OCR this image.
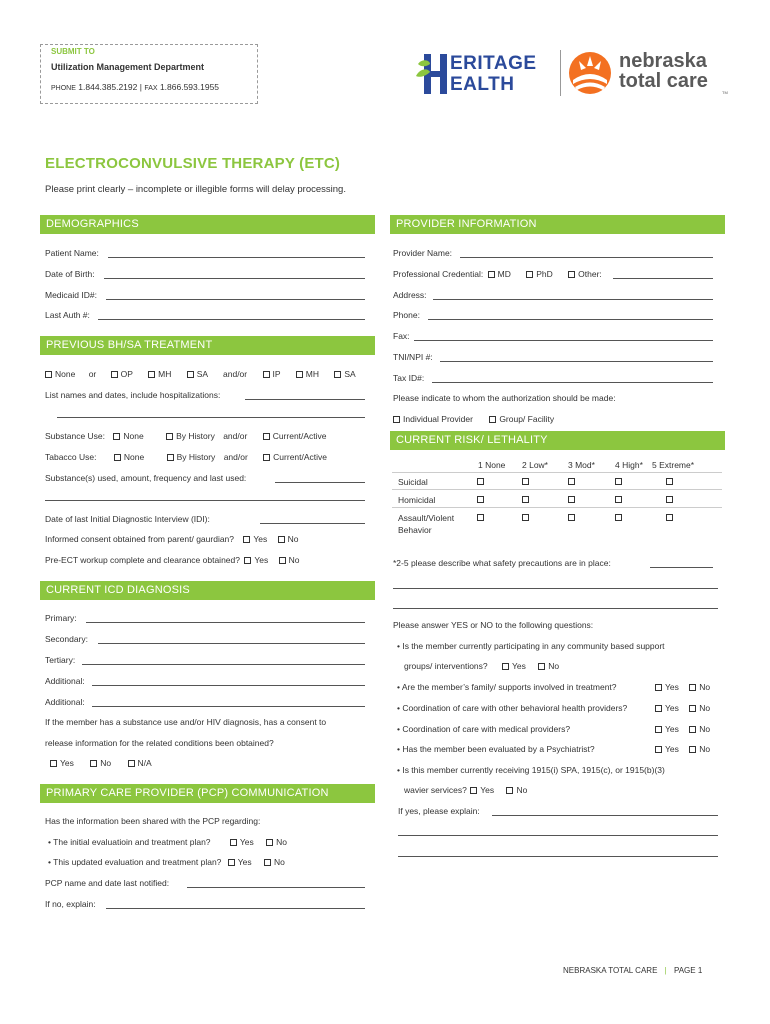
SUBMIT TO
Utilization Management Department
PHONE 1.844.385.2192 | FAX 1.866.593.1955
ERITAGE
EALTH
nebraska
total care
TM
ELECTROCONVULSIVE THERAPY (ETC)
Please print clearly – incomplete or illegible forms will delay processing.
DEMOGRAPHICS
Patient Name:
Date of Birth:
Medicaid ID#:
Last Auth #:
PREVIOUS BH/SA TREATMENT
None or	OP	MH	SA and/or	IP	MH	SA
List names and dates, include hospitalizations:
Substance Use: None	By History and/or	Current/Active
Tabacco Use:	None	By History and/or	Current/Active
Substance(s) used, amount, frequency and last used:
Date of last Initial Diagnostic Interview (IDI):
Informed consent obtained from parent/ gaurdian? Yes No
Pre-ECT workup complete and clearance obtained? Yes No
CURRENT ICD DIAGNOSIS
Primary:
Secondary:
Tertiary:
Additional:
Additional:
If the member has a substance use and/or HIV diagnosis, has a consent to
release information for the related conditions been obtained?
Yes	No	N/A
PRIMARY CARE PROVIDER (PCP) COMMUNICATION
Has the information been shared with the PCP regarding:
• The initial evaluatioin and treatment plan?	Yes	No
• This updated evaluation and treatment plan? Yes	No
PCP name and date last notified:
If no, explain:
PROVIDER INFORMATION
Provider Name:
Professional Credential: MD	PhD	Other:
Address:
Phone:
Fax:
TNI/NPI #:
Tax ID#:
Please indicate to whom the authorization should be made:
Individual Provider	Group/ Facility
CURRENT RISK/ LETHALITY
1 None 2 Low* 3 Mod* 4 High* 5 Extreme*
Suicidal
Homicidal
Assault/Violent
Behavior
*2-5 please describe what safety precautions are in place:
Please answer YES or NO to the following questions:
• Is the member currently participating in any community based support
groups/ interventions?	Yes	No
• Are the member’s family/ supports involved in treatment?	Yes No
• Coordination of care with other behavioral health providers?	Yes No
• Coordination of care with medical providers?	Yes No
• Has the member been evaluated by a Psychiatrist?	Yes No
• Is this member currently receiving 1915(i) SPA, 1915(c), or 1915(b)(3)
wavier services? Yes	No
If yes, please explain:
NEBRASKA TOTAL CARE | PAGE 1
